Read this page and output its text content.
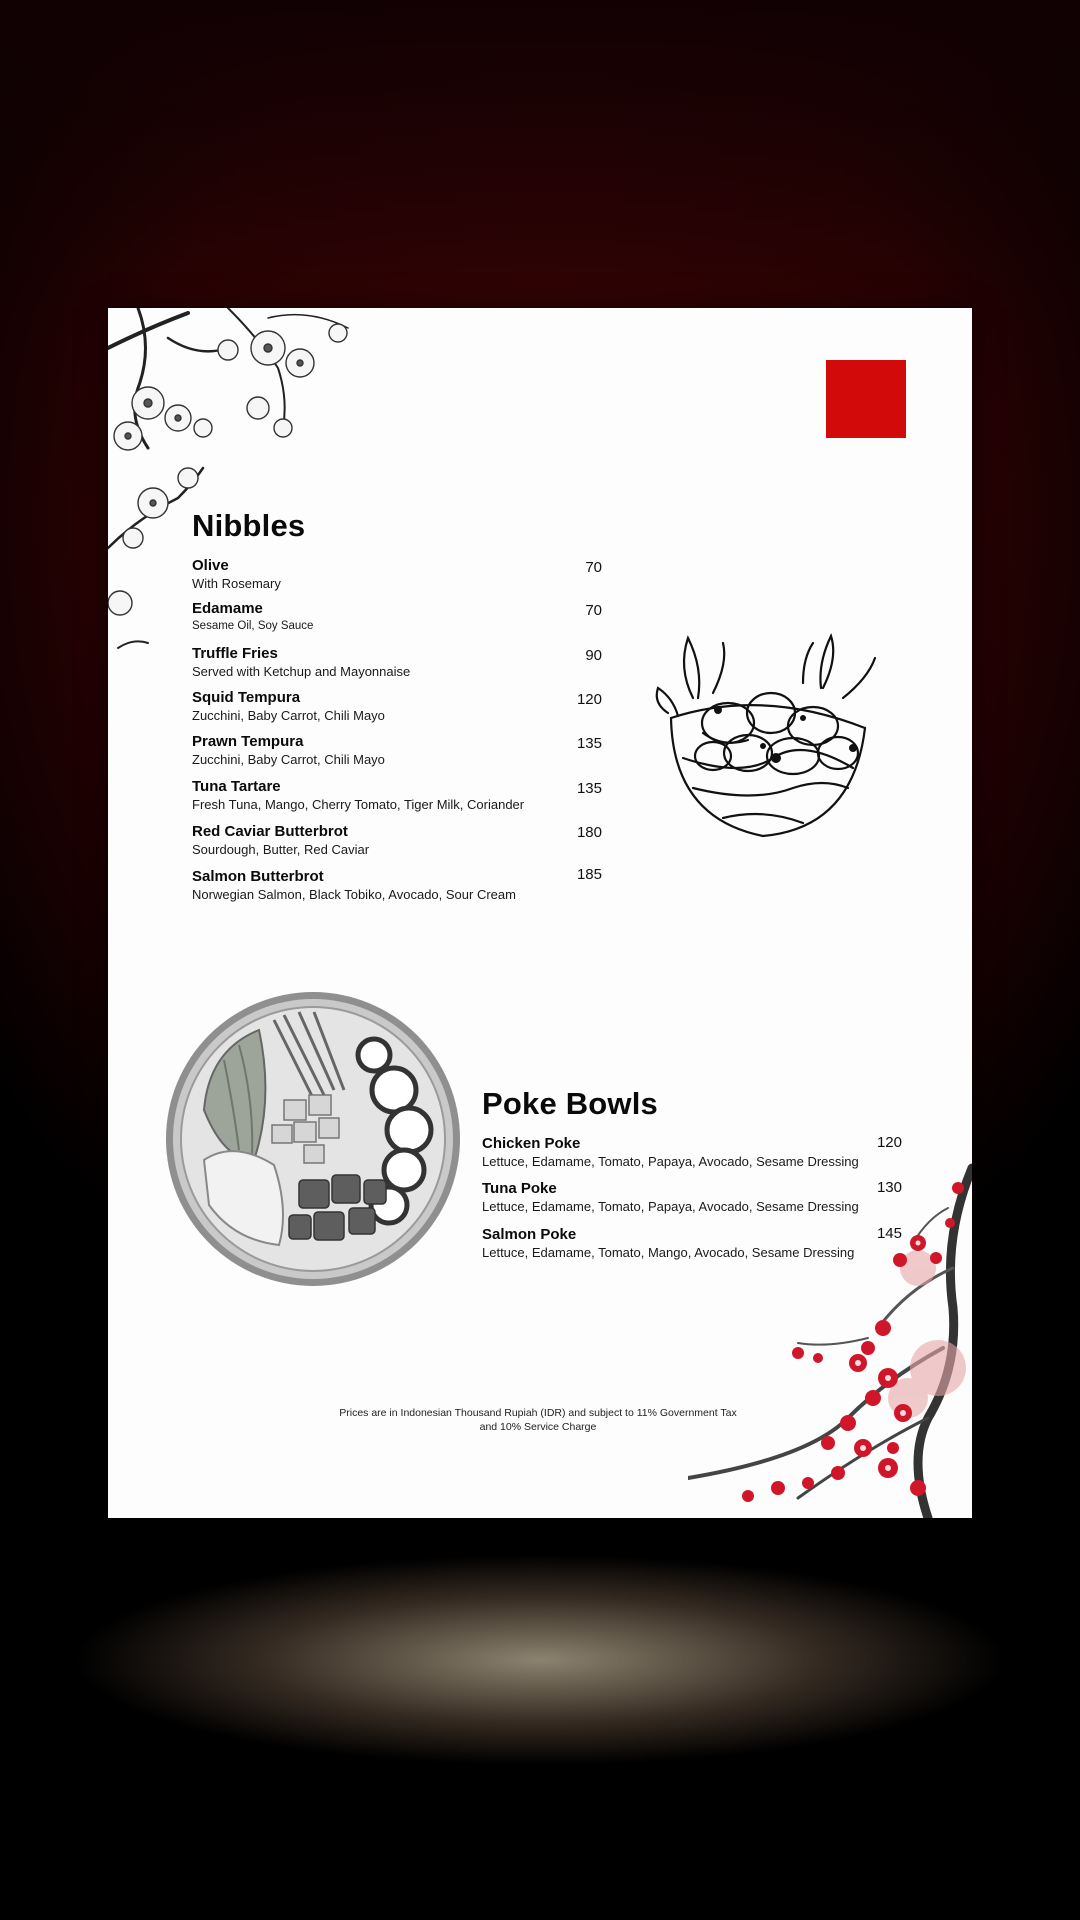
Nibbles
Olive
With Rosemary
70
Edamame
Sesame Oil, Soy Sauce
70
Truffle Fries
Served with Ketchup and Mayonnaise
90
Squid Tempura
Zucchini, Baby Carrot, Chili Mayo
120
Prawn Tempura
Zucchini, Baby Carrot, Chili Mayo
135
Tuna Tartare
Fresh Tuna, Mango, Cherry Tomato, Tiger Milk, Coriander
135
Red Caviar Butterbrot
Sourdough, Butter, Red Caviar
180
Salmon Butterbrot
Norwegian Salmon, Black Tobiko, Avocado, Sour Cream
185
Poke Bowls
Chicken Poke
Lettuce, Edamame, Tomato, Papaya, Avocado, Sesame Dressing
120
Tuna Poke
Lettuce, Edamame, Tomato, Papaya, Avocado, Sesame Dressing
130
Salmon Poke
Lettuce, Edamame, Tomato, Mango, Avocado, Sesame Dressing
145
Prices are in Indonesian Thousand Rupiah (IDR) and subject to 11% Government Tax
and 10% Service Charge
